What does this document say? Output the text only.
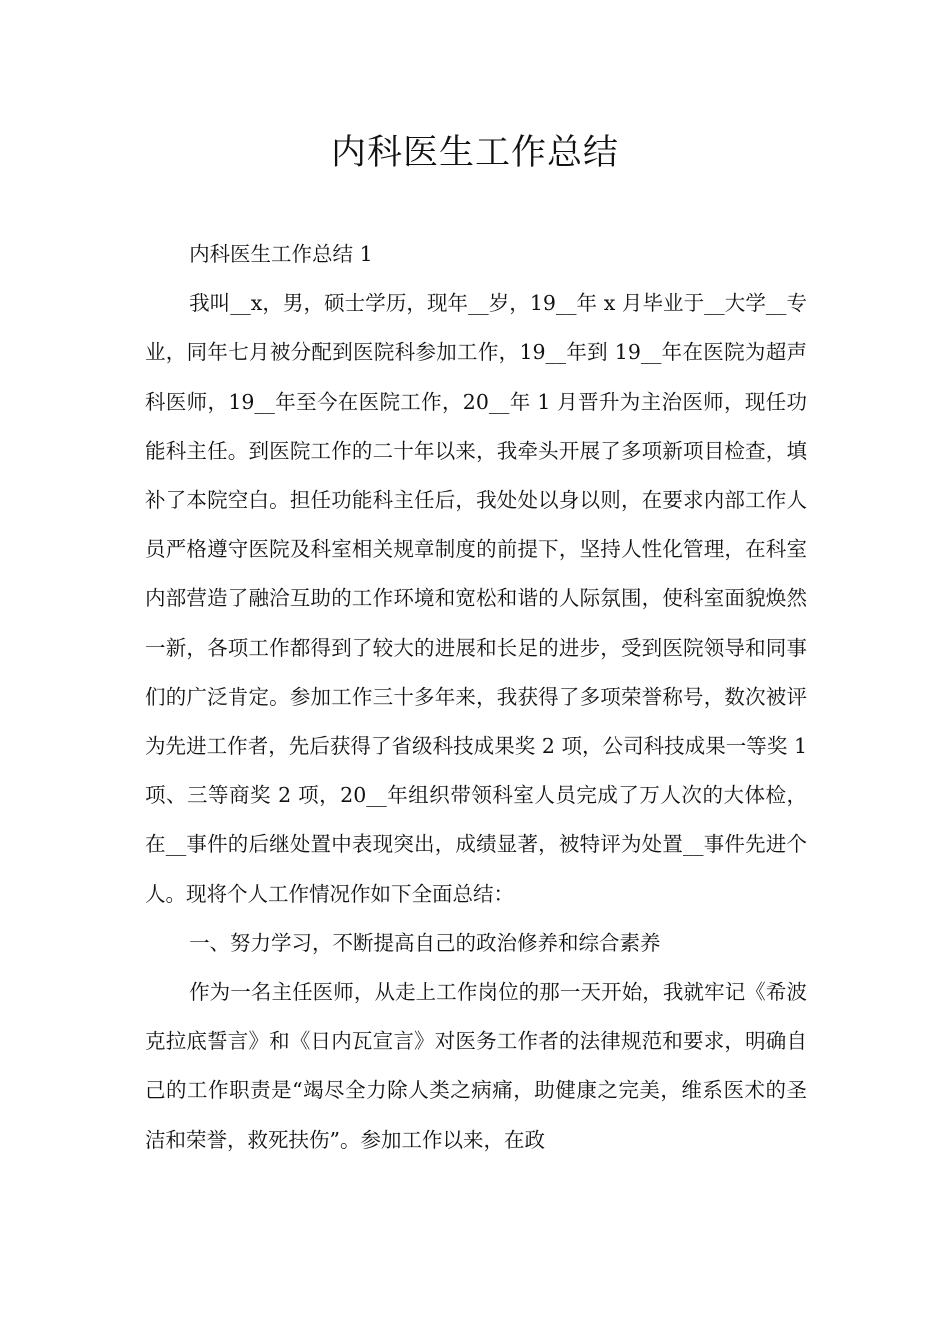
内科医生工作总结

内科医生工作总结 1

我叫__x，男，硕士学历，现年__岁，19__年 x 月毕业于__大学__专业，同年七月被分配到医院科参加工作，19__年到 19__年在医院为超声科医师，19__年至今在医院工作，20__年 1 月晋升为主治医师，现任功能科主任。到医院工作的二十年以来，我牵头开展了多项新项目检查，填补了本院空白。担任功能科主任后，我处处以身以则，在要求内部工作人员严格遵守医院及科室相关规章制度的前提下，坚持人性化管理，在科室内部营造了融洽互助的工作环境和宽松和谐的人际氛围，使科室面貌焕然一新，各项工作都得到了较大的进展和长足的进步，受到医院领导和同事们的广泛肯定。参加工作三十多年来，我获得了多项荣誉称号，数次被评为先进工作者，先后获得了省级科技成果奖 2 项，公司科技成果一等奖 1 项、三等商奖 2 项，20__年组织带领科室人员完成了万人次的大体检，在__事件的后继处置中表现突出，成绩显著，被特评为处置__事件先进个人。现将个人工作情况作如下全面总结：

一、努力学习，不断提高自己的政治修养和综合素养

作为一名主任医师，从走上工作岗位的那一天开始，我就牢记《希波克拉底誓言》和《日内瓦宣言》对医务工作者的法律规范和要求，明确自己的工作职责是“竭尽全力除人类之病痛，助健康之完美，维系医术的圣洁和荣誉，救死扶伤”。参加工作以来，在政
